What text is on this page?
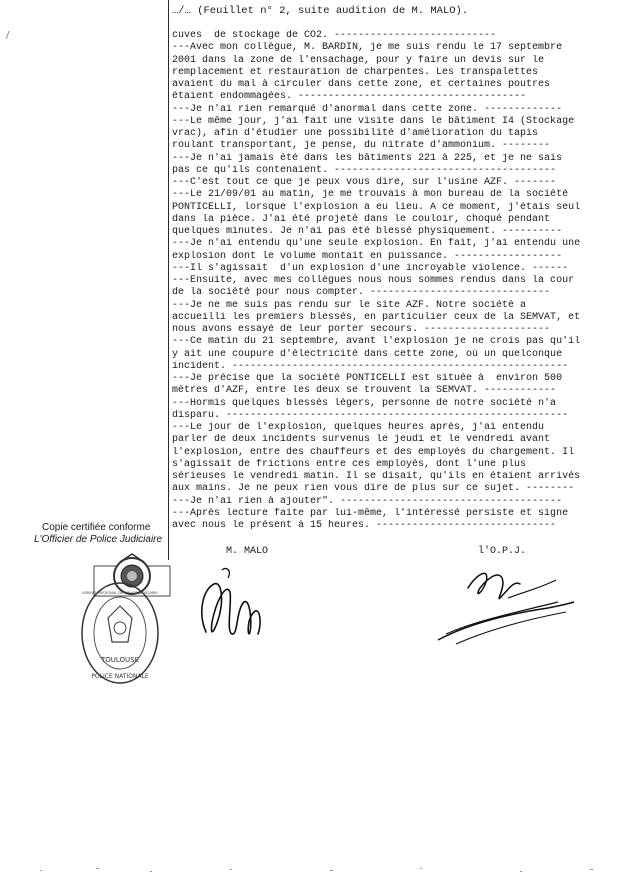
/
…/… (Feuillet n° 2, suite audition de M. MALO).
cuves  de stockage de CO2. ---------------------------
---Avec mon collègue, M. BARDIN, je me suis rendu le 17 septembre
2001 dans la zone de l'ensachage, pour y faire un devis sur le
remplacement et restauration de charpentes. Les transpalettes
avaient du mal à circuler dans cette zone, et certaines poutres
étaient endommagées. --------------------------------------
---Je n'ai rien remarqué d'anormal dans cette zone. -------------
---Le même jour, j'ai fait une visite dans le bâtiment I4 (Stockage
vrac), afin d'étudier une possibilité d'amélioration du tapis
roulant transportant, je pense, du nitrate d'ammonium. --------
---Je n'ai jamais été dans les bâtiments 221 à 225, et je ne sais
pas ce qu'ils contenaient. -------------------------------------
---C'est tout ce que je peux vous dire, sur l'usine AZF. -------
---Le 21/09/01 au matin, je me trouvais à mon bureau de la société
PONTICELLI, lorsque l'explosion a eu lieu. A ce moment, j'étais seul
dans la pièce. J'ai été projeté dans le couloir, choqué pendant
quelques minutes. Je n'ai pas été blessé physiquement. ----------
---Je n'ai entendu qu'une seule explosion. En fait, j'ai entendu une
explosion dont le volume montait en puissance. ------------------
---Il s'agissait  d'un explosion d'une incroyable violence. ------
---Ensuite, avec mes collègues nous nous sommes rendus dans la cour
de la société pour nous compter. ------------------------------
---Je ne me suis pas rendu sur le site AZF. Notre société a
accueilli les premiers blessés, en particulier ceux de la SEMVAT, et
nous avons essayé de leur porter secours. ---------------------
---Ce matin du 21 septembre, avant l'explosion je ne crois pas qu'il
y ait une coupure d'électricité dans cette zone, où un quelconque
incident. --------------------------------------------------------
---Je précise que la société PONTICELLI est située à  environ 500
mètres d'AZF, entre les deux se trouvent la SEMVAT. ------------
---Hormis quelques blessés légers, personne de notre société n'a
disparu. ---------------------------------------------------------
---Le jour de l'explosion, quelques heures après, j'ai entendu
parler de deux incidents survenus le jeudi et le vendredi avant
l'explosion, entre des chauffeurs et des employés du chargement. Il
s'agissait de frictions entre ces employés, dont l'une plus
sérieuses le vendredi matin. Il se disait, qu'ils en étaient arrivés
aux mains. Je ne peux rien vous dire de plus sur ce sujet. --------
---Je n'ai rien à ajouter". -------------------------------------
---Après lecture faite par lui-même, l'intéressé persiste et signe
avec nous le présent à 15 heures. ------------------------------
Copie certifiée conforme
L'Officier de Police Judiciaire
M. MALO	l'O.P.J.
TOULOUSE
POLICE NATIONALE
SERVICE RÉGIONAL DE POLICE JUDICIAIRE
